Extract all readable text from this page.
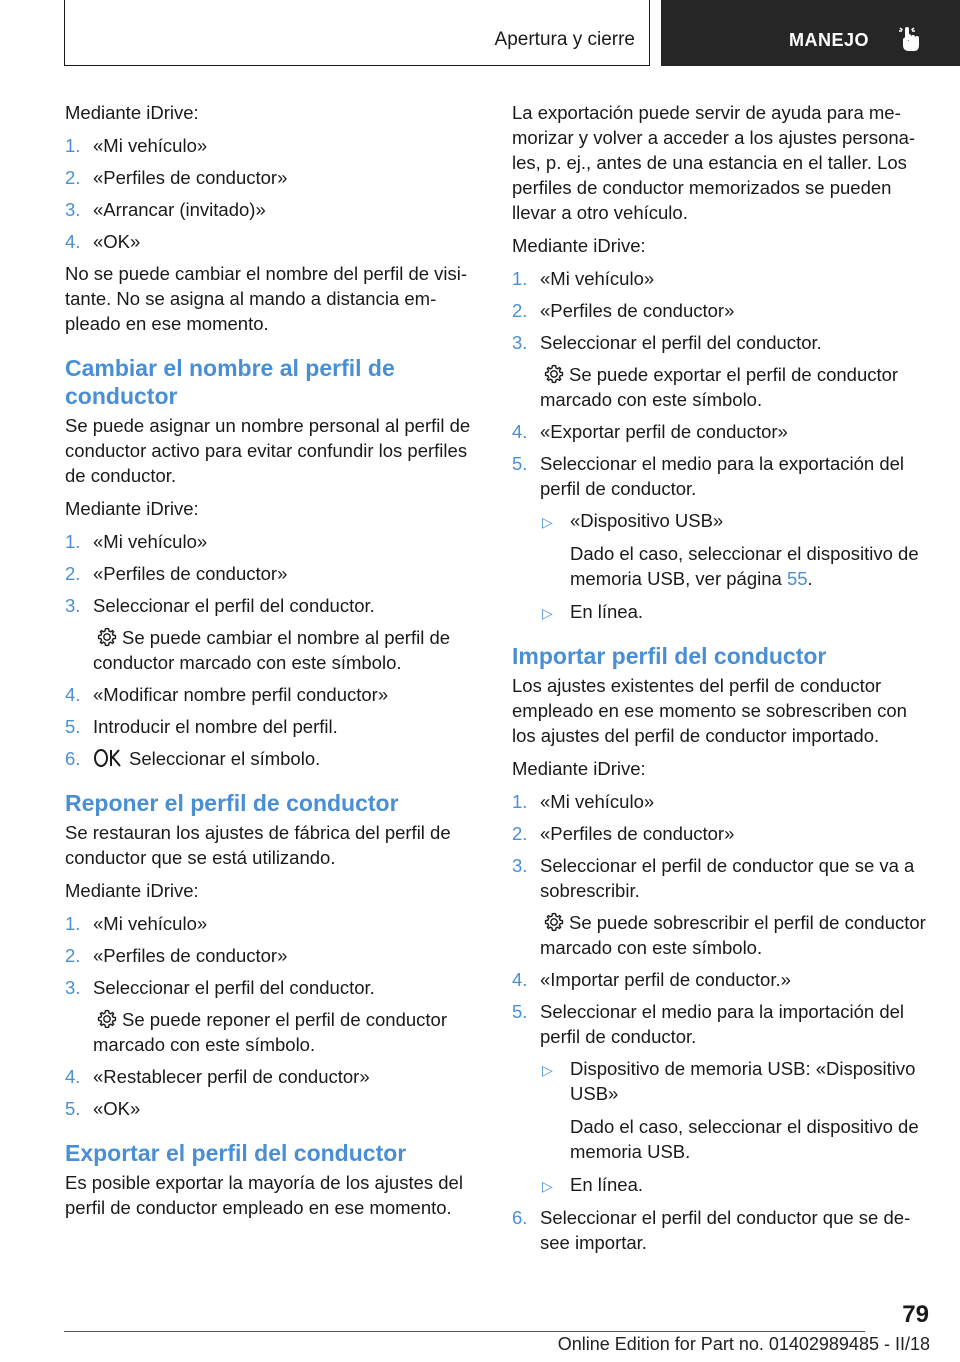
Apertura y cierre	MANEJO
Mediante iDrive:
1. «Mi vehículo»
2. «Perfiles de conductor»
3. «Arrancar (invitado)»
4. «OK»
No se puede cambiar el nombre del perfil de visitante. No se asigna al mando a distancia empleado en ese momento.
Cambiar el nombre al perfil de conductor
Se puede asignar un nombre personal al perfil de conductor activo para evitar confundir los perfiles de conductor.
Mediante iDrive:
1. «Mi vehículo»
2. «Perfiles de conductor»
3. Seleccionar el perfil del conductor.
Se puede cambiar el nombre al perfil de conductor marcado con este símbolo.
4. «Modificar nombre perfil conductor»
5. Introducir el nombre del perfil.
6.	Seleccionar el símbolo.
Reponer el perfil de conductor
Se restauran los ajustes de fábrica del perfil de conductor que se está utilizando.
Mediante iDrive:
1. «Mi vehículo»
2. «Perfiles de conductor»
3. Seleccionar el perfil del conductor.
Se puede reponer el perfil de conductor marcado con este símbolo.
4. «Restablecer perfil de conductor»
5. «OK»
Exportar el perfil del conductor
Es posible exportar la mayoría de los ajustes del perfil de conductor empleado en ese momento.
La exportación puede servir de ayuda para memorizar y volver a acceder a los ajustes personales, p. ej., antes de una estancia en el taller. Los perfiles de conductor memorizados se pueden llevar a otro vehículo.
Mediante iDrive:
1. «Mi vehículo»
2. «Perfiles de conductor»
3. Seleccionar el perfil del conductor.
Se puede exportar el perfil de conductor marcado con este símbolo.
4. «Exportar perfil de conductor»
5. Seleccionar el medio para la exportación del perfil de conductor.
▷ «Dispositivo USB»
Dado el caso, seleccionar el dispositivo de memoria USB, ver página 55.
▷ En línea.
Importar perfil del conductor
Los ajustes existentes del perfil de conductor empleado en ese momento se sobrescriben con los ajustes del perfil de conductor importado.
Mediante iDrive:
1. «Mi vehículo»
2. «Perfiles de conductor»
3. Seleccionar el perfil de conductor que se va a sobrescribir.
Se puede sobrescribir el perfil de conductor marcado con este símbolo.
4. «Importar perfil de conductor.»
5. Seleccionar el medio para la importación del perfil de conductor.
▷ Dispositivo de memoria USB: «Dispositivo USB»
Dado el caso, seleccionar el dispositivo de memoria USB.
▷ En línea.
6. Seleccionar el perfil del conductor que se desee importar.
79
Online Edition for Part no. 01402989485 - II/18
